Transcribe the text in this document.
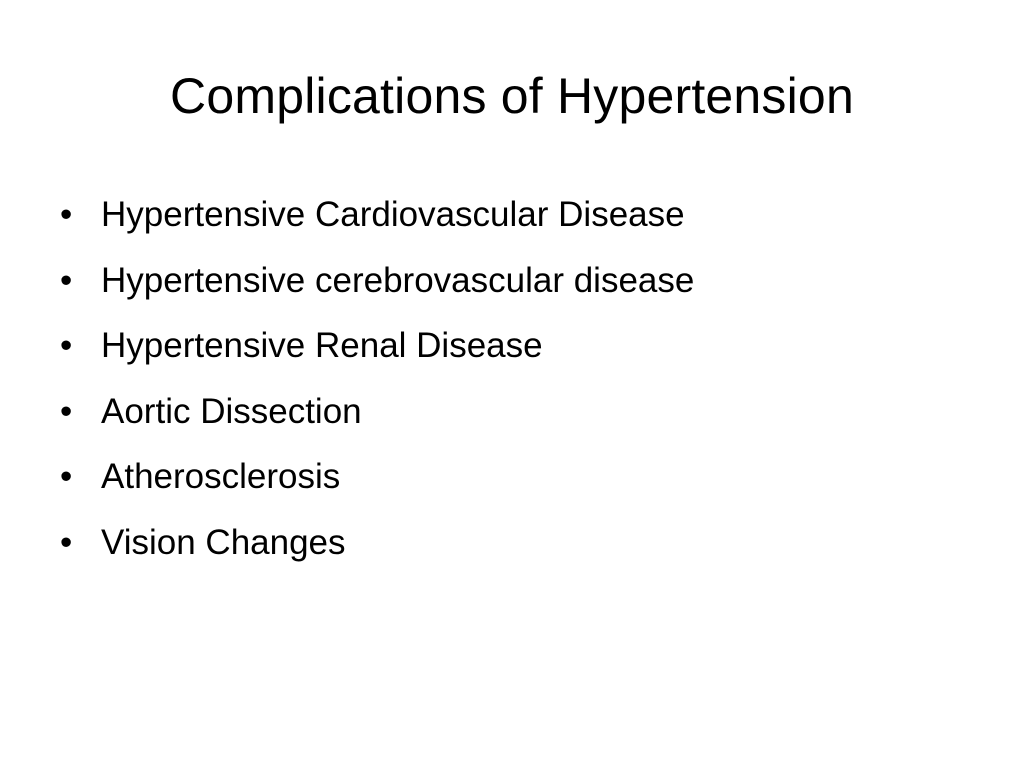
Complications of Hypertension
• Hypertensive Cardiovascular Disease
• Hypertensive cerebrovascular disease
• Hypertensive Renal Disease
• Aortic Dissection
• Atherosclerosis
• Vision Changes
